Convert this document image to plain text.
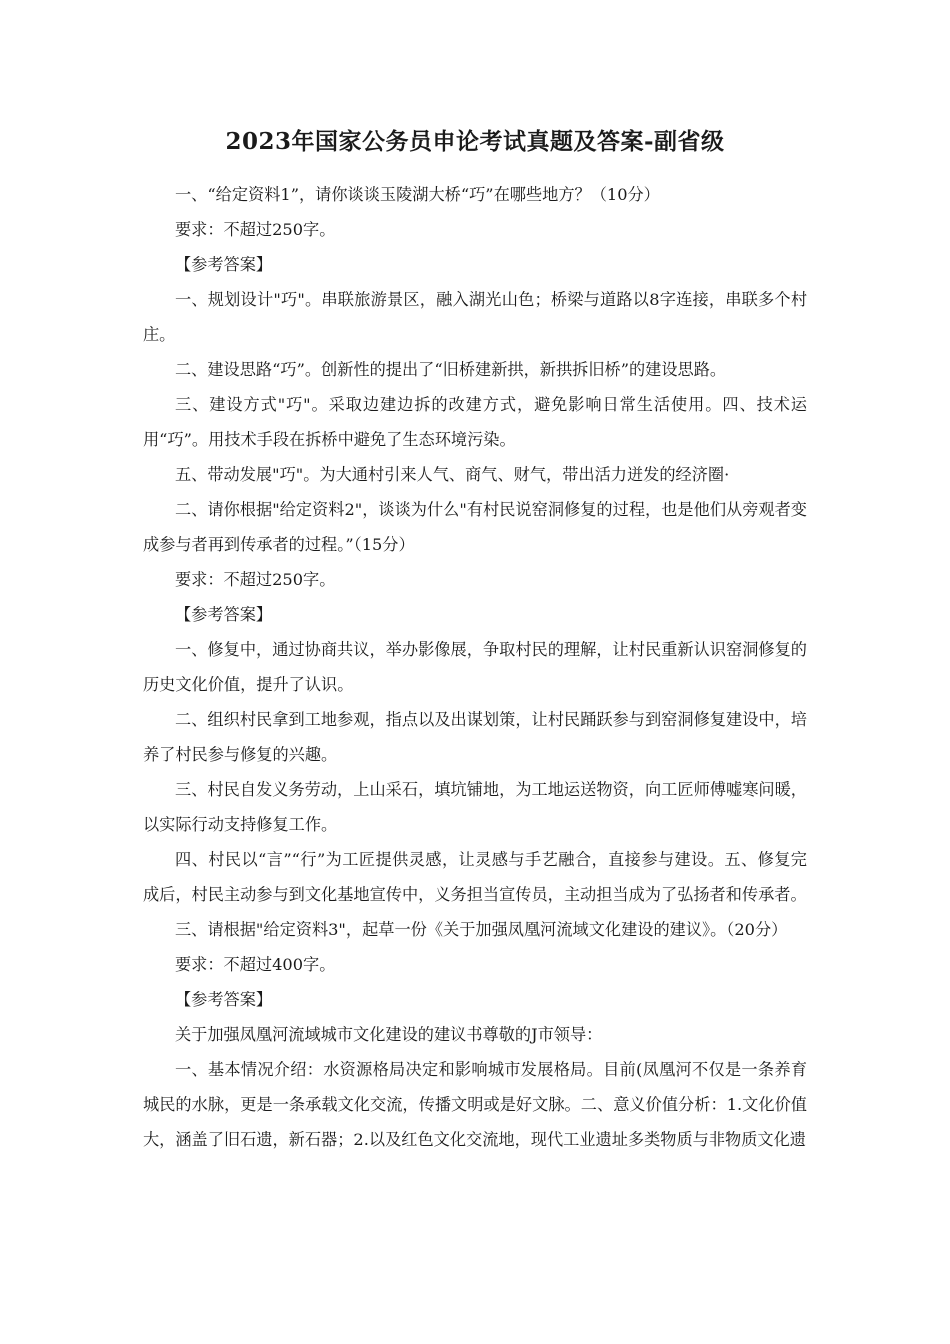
2023年国家公务员申论考试真题及答案-副省级

一、“给定资料1”，请你谈谈玉陵湖大桥“巧”在哪些地方？（10分）

要求：不超过250字。

【参考答案】

一、规划设计"巧"。串联旅游景区，融入湖光山色；桥梁与道路以8字连接，串联多个村庄。

二、建设思路“巧”。创新性的提出了“旧桥建新拱，新拱拆旧桥”的建设思路。

三、建设方式"巧"。采取边建边拆的改建方式，避免影响日常生活使用。四、技术运用“巧”。用技术手段在拆桥中避免了生态环境污染。

五、带动发展"巧"。为大通村引来人气、商气、财气，带出活力迸发的经济圈·

二、请你根据"给定资料2"，谈谈为什么"有村民说窑洞修复的过程，也是他们从旁观者变成参与者再到传承者的过程。”（15分）

要求：不超过250字。

【参考答案】

一、修复中，通过协商共议，举办影像展，争取村民的理解，让村民重新认识窑洞修复的历史文化价值，提升了认识。

二、组织村民拿到工地参观，指点以及出谋划策，让村民踊跃参与到窑洞修复建设中，培养了村民参与修复的兴趣。

三、村民自发义务劳动，上山采石，填坑铺地，为工地运送物资，向工匠师傅嘘寒问暖，以实际行动支持修复工作。

四、村民以“言”“行”为工匠提供灵感，让灵感与手艺融合，直接参与建设。五、修复完成后，村民主动参与到文化基地宣传中，义务担当宣传员，主动担当成为了弘扬者和传承者。

三、请根据"给定资料3"，起草一份《关于加强凤凰河流域文化建设的建议》。（20分）

要求：不超过400字。

【参考答案】

关于加强凤凰河流域城市文化建设的建议书尊敬的J市领导：

一、基本情况介绍：水资源格局决定和影响城市发展格局。目前(凤凰河不仅是一条养育城民的水脉，更是一条承载文化交流，传播文明或是好文脉。二、意义价值分析：1.文化价值大，涵盖了旧石遗，新石器；2.以及红色文化交流地，现代工业遗址多类物质与非物质文化遗
